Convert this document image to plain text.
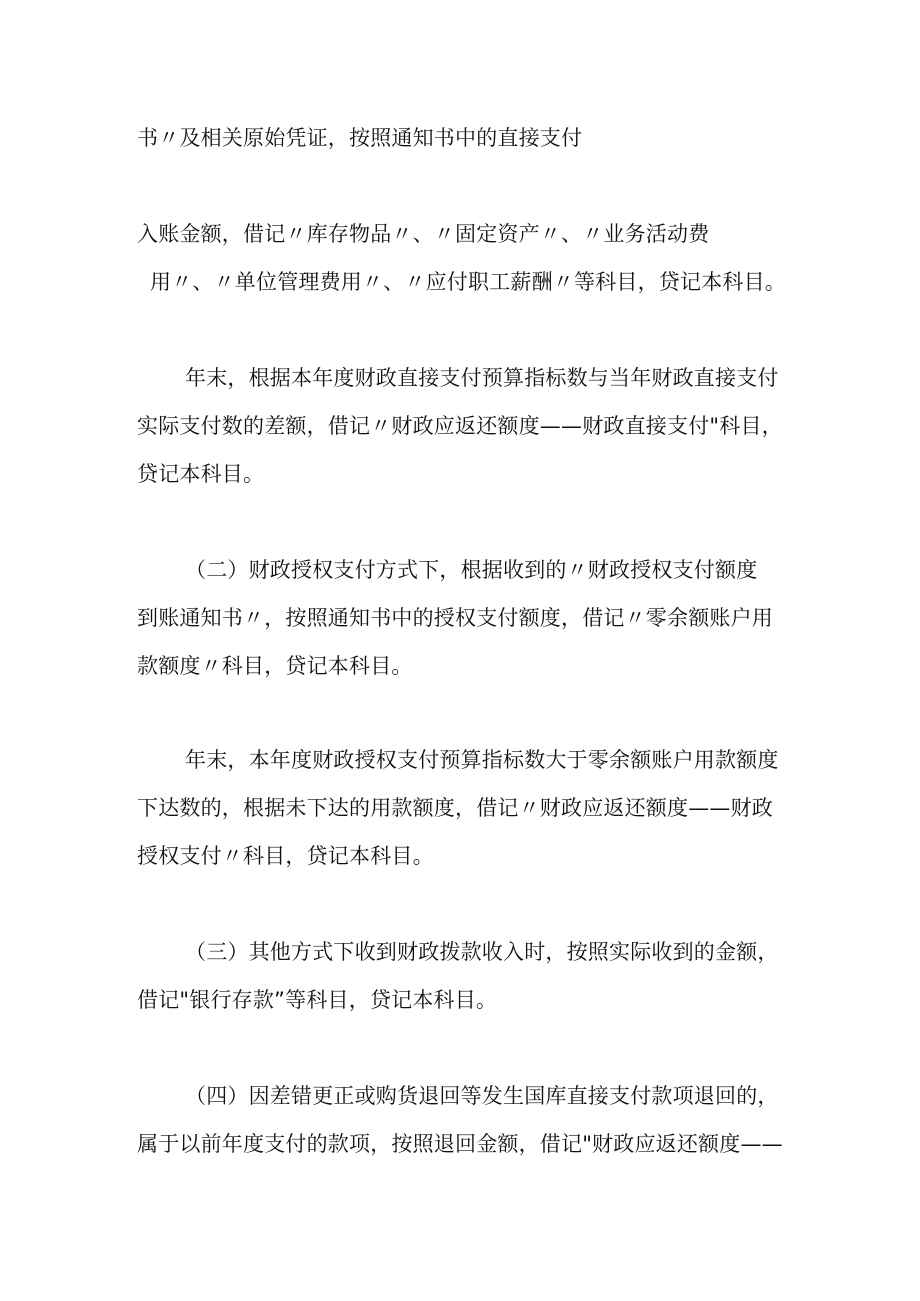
书〃及相关原始凭证，按照通知书中的直接支付
入账金额，借记〃库存物品〃、〃固定资产〃、〃业务活动费
用〃、〃单位管理费用〃、〃应付职工薪酬〃等科目，贷记本科目。
年末，根据本年度财政直接支付预算指标数与当年财政直接支付
实际支付数的差额，借记〃财政应返还额度——财政直接支付"科目，
贷记本科目。
（二）财政授权支付方式下，根据收到的〃财政授权支付额度
到账通知书〃，按照通知书中的授权支付额度，借记〃零余额账户用
款额度〃科目，贷记本科目。
年末，本年度财政授权支付预算指标数大于零余额账户用款额度
下达数的，根据未下达的用款额度，借记〃财政应返还额度——财政
授权支付〃科目，贷记本科目。
（三）其他方式下收到财政拨款收入时，按照实际收到的金额，
借记"银行存款”等科目，贷记本科目。
（四）因差错更正或购货退回等发生国库直接支付款项退回的，
属于以前年度支付的款项，按照退回金额，借记"财政应返还额度——
